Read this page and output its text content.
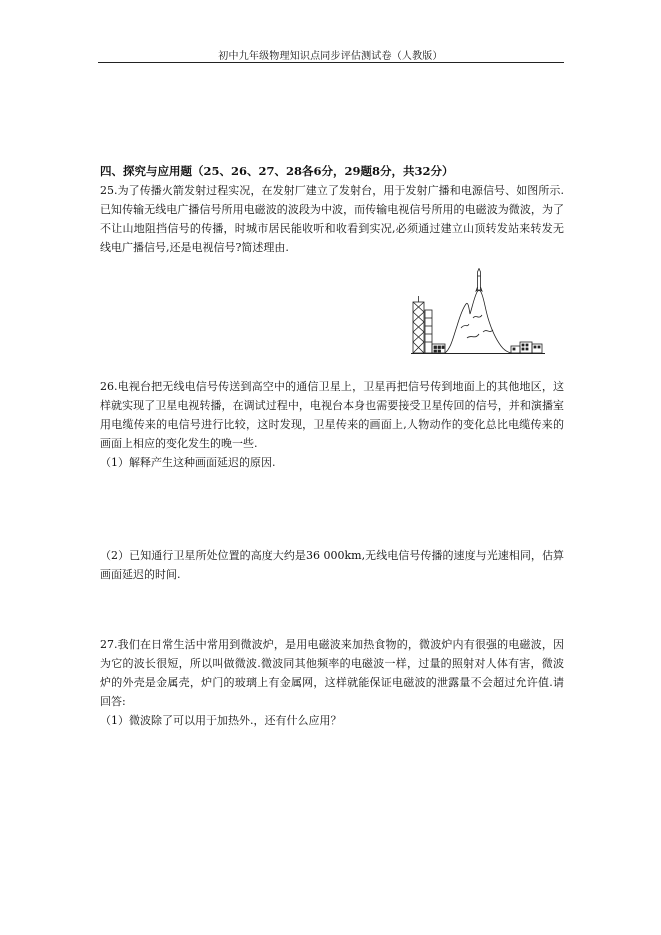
初中九年级物理知识点同步评估测试卷（人教版）
四、探究与应用题（25、26、27、28各6分，29题8分，共32分）

25.为了传播火箭发射过程实况，在发射厂建立了发射台，用于发射广播和电源信号、如图所示.已知传输无线电广播信号所用电磁波的波段为中波，而传输电视信号所用的电磁波为微波，为了不让山地阻挡信号的传播，时城市居民能收听和收看到实况,必须通过建立山顶转发站来转发无线电广播信号,还是电视信号?简述理由.

26.电视台把无线电信号传送到高空中的通信卫星上，卫星再把信号传到地面上的其他地区，这样就实现了卫星电视转播，在调试过程中，电视台本身也需要接受卫星传回的信号，并和演播室用电缆传来的电信号进行比较，这时发现，卫星传来的画面上,人物动作的变化总比电缆传来的画面上相应的变化发生的晚一些.

（1）解释产生这种画面延迟的原因.

（2）已知通行卫星所处位置的高度大约是36 000km,无线电信号传播的速度与光速相同，估算画面延迟的时间.

27.我们在日常生活中常用到微波炉，是用电磁波来加热食物的，微波炉内有很强的电磁波，因为它的波长很短，所以叫做微波.微波同其他频率的电磁波一样，过量的照射对人体有害，微波炉的外壳是金属壳，炉门的玻璃上有金属网，这样就能保证电磁波的泄露量不会超过允许值.请回答:

（1）微波除了可以用于加热外.，还有什么应用？
